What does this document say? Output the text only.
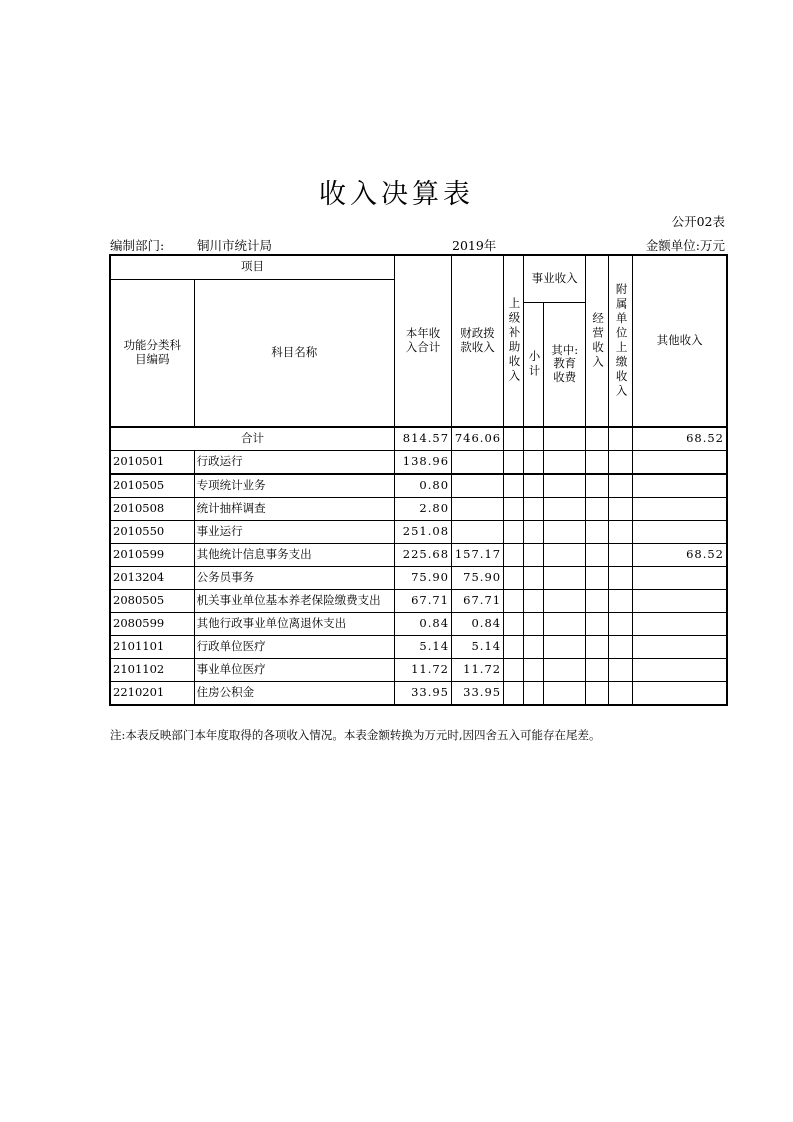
收入决算表
公开02表
编制部门:	铜川市统计局	2019年	金额单位:万元
项目		本年收入合计	财政拨款收入	上级补助收入	事业收入		经营收入	附属单位上缴收入	其他收入
功能分类科目编码	科目名称								
					小计	其中:教育收费			
合计		814.57	746.06						68.52
2010501	行政运行	138.96							
2010505	专项统计业务	0.80							
2010508	统计抽样调查	2.80							
2010550	事业运行	251.08							
2010599	其他统计信息事务支出	225.68	157.17						68.52
2013204	公务员事务	75.90	75.90						
2080505	机关事业单位基本养老保险缴费支出	67.71	67.71						
2080599	其他行政事业单位离退休支出	0.84	0.84						
2101101	行政单位医疗	5.14	5.14						
2101102	事业单位医疗	11.72	11.72						
2210201	住房公积金	33.95	33.95						
注:本表反映部门本年度取得的各项收入情况。本表金额转换为万元时,因四舍五入可能存在尾差。
